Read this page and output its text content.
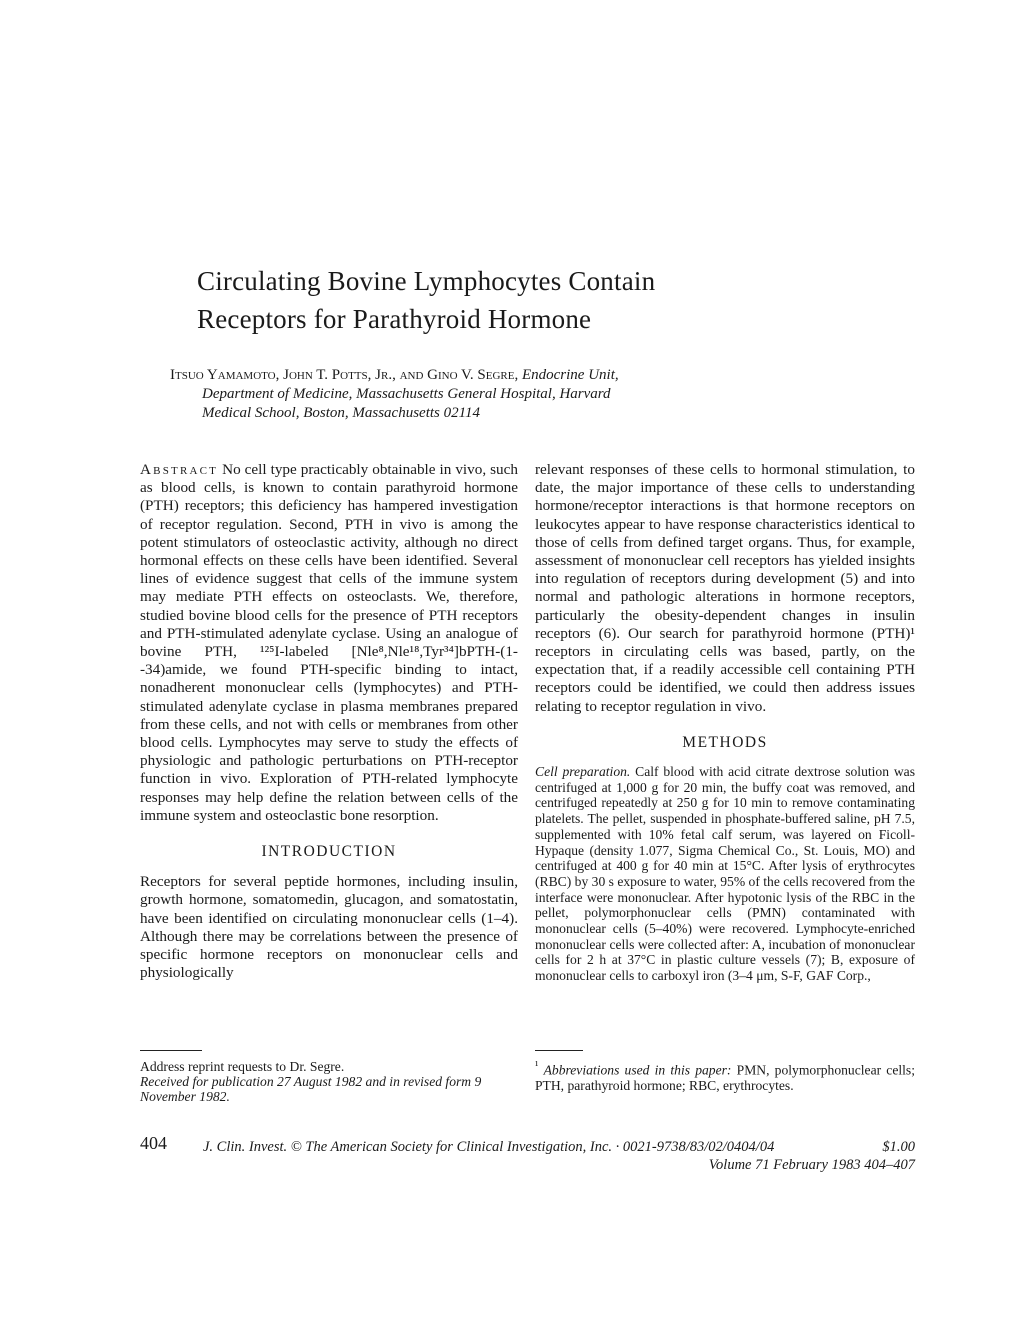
Circulating Bovine Lymphocytes Contain
Receptors for Parathyroid Hormone
Itsuo Yamamoto, John T. Potts, Jr., and Gino V. Segre, Endocrine Unit,
Department of Medicine, Massachusetts General Hospital, Harvard
Medical School, Boston, Massachusetts 02114

Abstract No cell type practicably obtainable in vivo, such as blood cells, is known to contain parathyroid hormone (PTH) receptors; this deficiency has hampered investigation of receptor regulation. Second, PTH in vivo is among the potent stimulators of osteoclastic activity, although no direct hormonal effects on these cells have been identified. Several lines of evidence suggest that cells of the immune system may mediate PTH effects on osteoclasts. We, therefore, studied bovine blood cells for the presence of PTH receptors and PTH-stimulated adenylate cyclase. Using an analogue of bovine PTH, ¹²⁵I-labeled [Nle⁸,Nle¹⁸,Tyr³⁴]bPTH-(1--34)amide, we found PTH-specific binding to intact, nonadherent mononuclear cells (lymphocytes) and PTH-stimulated adenylate cyclase in plasma membranes prepared from these cells, and not with cells or membranes from other blood cells. Lymphocytes may serve to study the effects of physiologic and pathologic perturbations on PTH-receptor function in vivo. Exploration of PTH-related lymphocyte responses may help define the relation between cells of the immune system and osteoclastic bone resorption.

INTRODUCTION

Receptors for several peptide hormones, including insulin, growth hormone, somatomedin, glucagon, and somatostatin, have been identified on circulating mononuclear cells (1–4). Although there may be correlations between the presence of specific hormone receptors on mononuclear cells and physiologically

Address reprint requests to Dr. Segre.
Received for publication 27 August 1982 and in revised form 9 November 1982.

relevant responses of these cells to hormonal stimulation, to date, the major importance of these cells to understanding hormone/receptor interactions is that hormone receptors on leukocytes appear to have response characteristics identical to those of cells from defined target organs. Thus, for example, assessment of mononuclear cell receptors has yielded insights into regulation of receptors during development (5) and into normal and pathologic alterations in hormone receptors, particularly the obesity-dependent changes in insulin receptors (6). Our search for parathyroid hormone (PTH)¹ receptors in circulating cells was based, partly, on the expectation that, if a readily accessible cell containing PTH receptors could be identified, we could then address issues relating to receptor regulation in vivo.

METHODS

Cell preparation. Calf blood with acid citrate dextrose solution was centrifuged at 1,000 g for 20 min, the buffy coat was removed, and centrifuged repeatedly at 250 g for 10 min to remove contaminating platelets. The pellet, suspended in phosphate-buffered saline, pH 7.5, supplemented with 10% fetal calf serum, was layered on Ficoll-Hypaque (density 1.077, Sigma Chemical Co., St. Louis, MO) and centrifuged at 400 g for 40 min at 15°C. After lysis of erythrocytes (RBC) by 30 s exposure to water, 95% of the cells recovered from the interface were mononuclear. After hypotonic lysis of the RBC in the pellet, polymorphonuclear cells (PMN) contaminated with mononuclear cells (5–40%) were recovered. Lymphocyte-enriched mononuclear cells were collected after: A, incubation of mononuclear cells for 2 h at 37°C in plastic culture vessels (7); B, exposure of mononuclear cells to carboxyl iron (3–4 μm, S-F, GAF Corp.,

$^{^1}$ Abbreviations used in this paper: PMN, polymorphonuclear cells; PTH, parathyroid hormone; RBC, erythrocytes.
404 J. Clin. Invest. © The American Society for Clinical Investigation, Inc. · 0021-9738/83/02/0404/04	$1.00
Volume 71 February 1983 404–407
